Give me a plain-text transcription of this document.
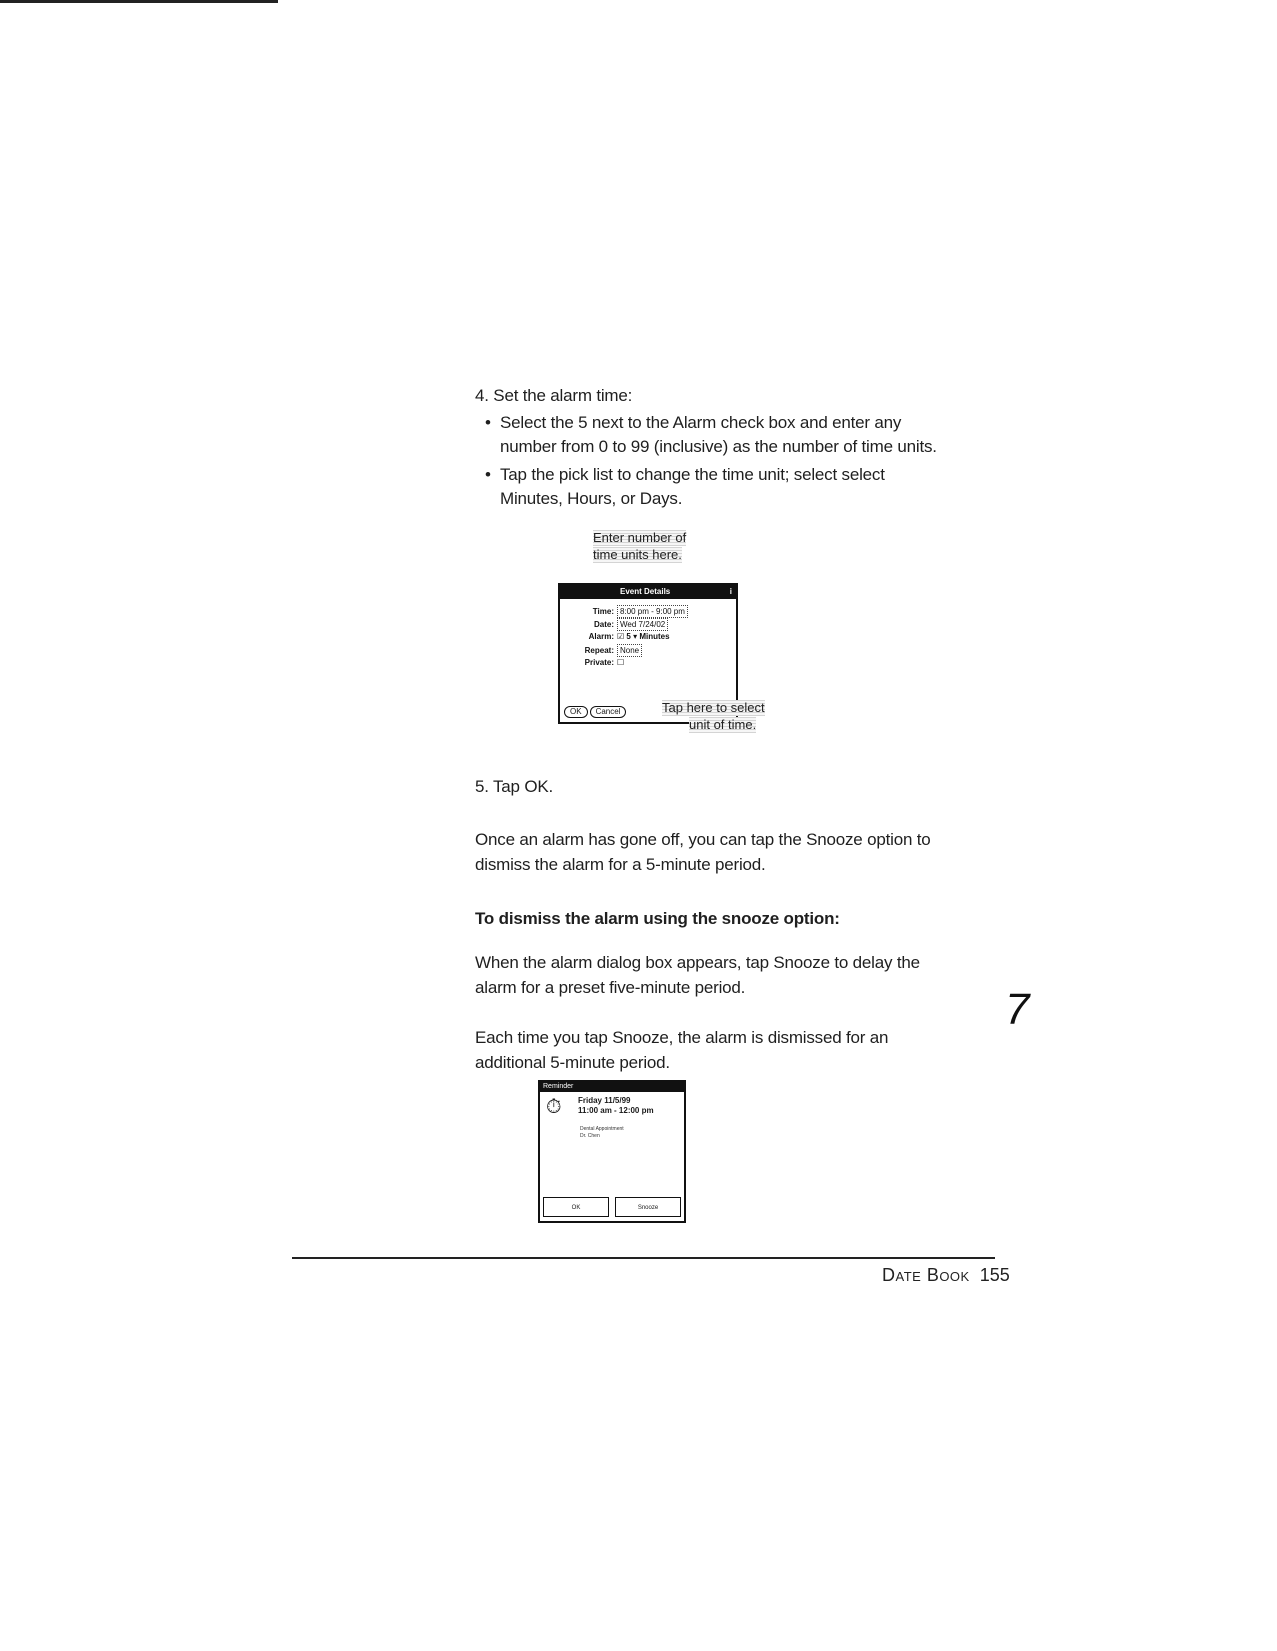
4. Set the alarm time:
• Select the 5 next to the Alarm check box and enter any
number from 0 to 99 (inclusive) as the number of time units.
• Tap the pick list to change the time unit; select select
Minutes, Hours, or Days.
Enter number of
time units here.
Event Details	i
Time: 8:00 pm - 9:00 pm
Date: Wed 7/24/02
Alarm: ☑ 5 ▾ Minutes
Repeat: None
Private: ☐
OK Cancel	Tap here to select
unit of time.
5. Tap OK.
Once an alarm has gone off, you can tap the Snooze option to
dismiss the alarm for a 5-minute period.
To dismiss the alarm using the snooze option:
When the alarm dialog box appears, tap Snooze to delay the
alarm for a preset five-minute period.
Each time you tap Snooze, the alarm is dismissed for an
additional 5-minute period.
Reminder
⏱ Friday 11/5/99
11:00 am - 12:00 pm
Dental Appointment
Dr. Chen
OK	Snooze
7
Date Book 155
